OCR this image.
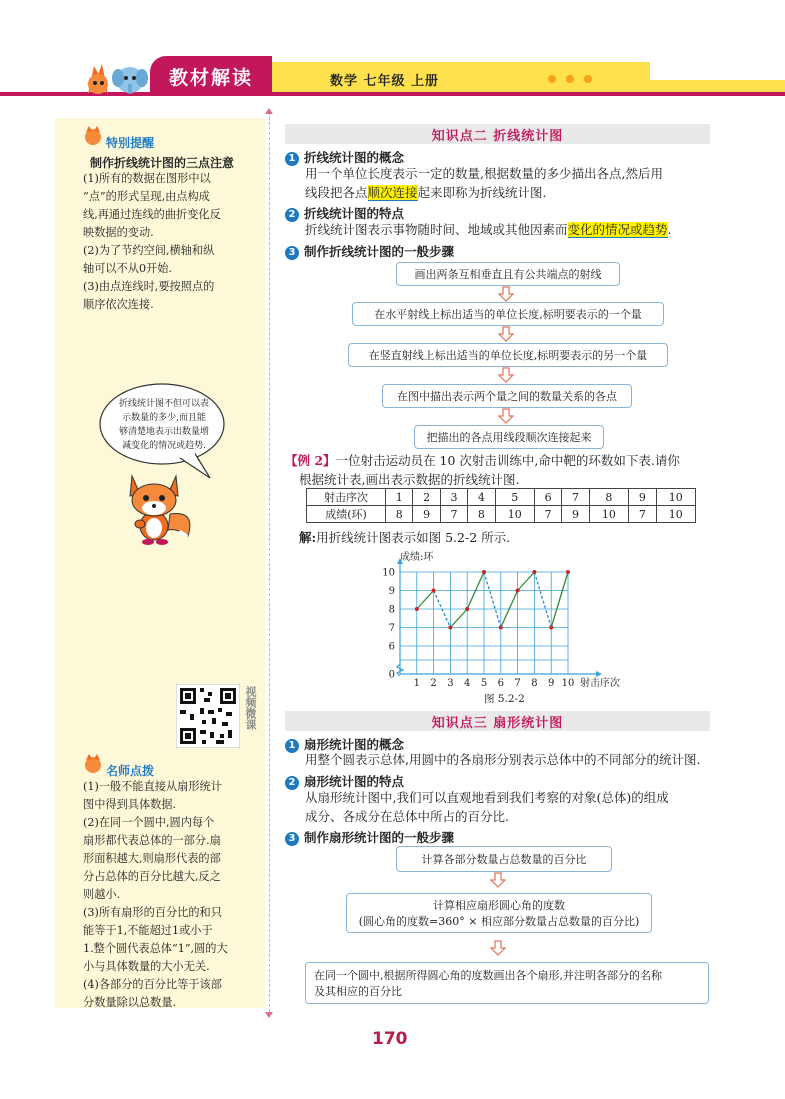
教材解读	数学 七年级 上册
特别提醒
制作折线统计图的三点注意
(1)所有的数据在图形中以
“点”的形式呈现,由点构成
线,再通过连线的曲折变化反
映数据的变动.
(2)为了节约空间,横轴和纵
轴可以不从0开始.
(3)由点连线时,要按照点的
顺序依次连接.
折线统计图不但可以表
示数量的多少,而且能
够清楚地表示出数量增
减变化的情况或趋势.
视频微课
名师点拨
(1)一般不能直接从扇形统计
图中得到具体数据.
(2)在同一个圆中,圆内每个
扇形都代表总体的一部分.扇
形面积越大,则扇形代表的部
分占总体的百分比越大,反之
则越小.
(3)所有扇形的百分比的和只
能等于1,不能超过1或小于
1.整个圆代表总体“1”,圆的大
小与具体数量的大小无关.
(4)各部分的百分比等于该部
分数量除以总数量.
知识点二 折线统计图
1 折线统计图的概念
用一个单位长度表示一定的数量,根据数量的多少描出各点,然后用
线段把各点顺次连接起来即称为折线统计图.
2 折线统计图的特点
折线统计图表示事物随时间、地域或其他因素而变化的情况或趋势.
3 制作折线统计图的一般步骤
画出两条互相垂直且有公共端点的射线
在水平射线上标出适当的单位长度,标明要表示的一个量
在竖直射线上标出适当的单位长度,标明要表示的另一个量
在图中描出表示两个量之间的数量关系的各点
把描出的各点用线段顺次连接起来
【例 2】一位射击运动员在 10 次射击训练中,命中靶的环数如下表.请你
根据统计表,画出表示数据的折线统计图.
射击序次	1	2	3	4	5	6	7	8	9	10
成绩(环)	8	9	7	8	10	7	9	10	7	10
解:用折线统计图表示如图 5.2-2 所示.
1 2 3 4 5 6 7 8 9 10
0
6
7
8
9
10
成绩:环
射击序次
图 5.2-2
知识点三 扇形统计图
1 扇形统计图的概念
用整个圆表示总体,用圆中的各扇形分别表示总体中的不同部分的统计图.
2 扇形统计图的特点
从扇形统计图中,我们可以直观地看到我们考察的对象(总体)的组成
成分、各成分在总体中所占的百分比.
3 制作扇形统计图的一般步骤
计算各部分数量占总数量的百分比
计算相应扇形圆心角的度数
(圆心角的度数=360° × 相应部分数量占总数量的百分比)
在同一个圆中,根据所得圆心角的度数画出各个扇形,并注明各部分的名称
及其相应的百分比
170
